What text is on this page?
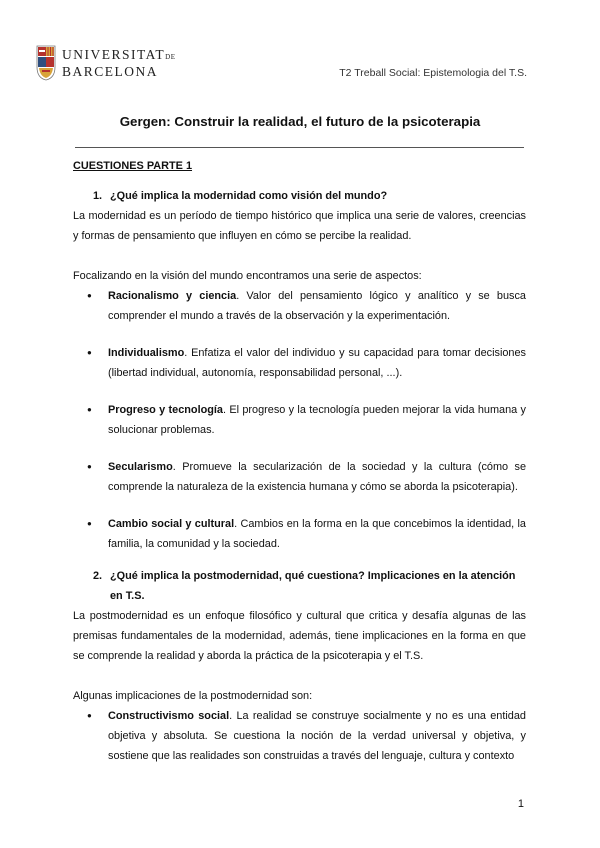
UNIVERSITATDE
BARCELONA	T2 Treball Social: Epistemologia del T.S.
Gergen: Construir la realidad, el futuro de la psicoterapia

CUESTIONES PARTE 1

1. ¿Qué implica la modernidad como visión del mundo?

La modernidad es un período de tiempo histórico que implica una serie de valores, creencias y formas de pensamiento que influyen en cómo se percibe la realidad.

Focalizando en la visión del mundo encontramos una serie de aspectos:

● Racionalismo y ciencia. Valor del pensamiento lógico y analítico y se busca comprender el mundo a través de la observación y la experimentación.
● Individualismo. Enfatiza el valor del individuo y su capacidad para tomar decisiones (libertad individual, autonomía, responsabilidad personal, ...).
● Progreso y tecnología. El progreso y la tecnología pueden mejorar la vida humana y solucionar problemas.
● Secularismo. Promueve la secularización de la sociedad y la cultura (cómo se comprende la naturaleza de la existencia humana y cómo se aborda la psicoterapia).
● Cambio social y cultural. Cambios en la forma en la que concebimos la identidad, la familia, la comunidad y la sociedad.
2. ¿Qué implica la postmodernidad, qué cuestiona? Implicaciones en la atención en T.S.

La postmodernidad es un enfoque filosófico y cultural que critica y desafía algunas de las premisas fundamentales de la modernidad, además, tiene implicaciones en la forma en que se comprende la realidad y aborda la práctica de la psicoterapia y el T.S.

Algunas implicaciones de la postmodernidad son:

● Constructivismo social. La realidad se construye socialmente y no es una entidad objetiva y absoluta. Se cuestiona la noción de la verdad universal y objetiva, y sostiene que las realidades son construidas a través del lenguaje, cultura y contexto
1
